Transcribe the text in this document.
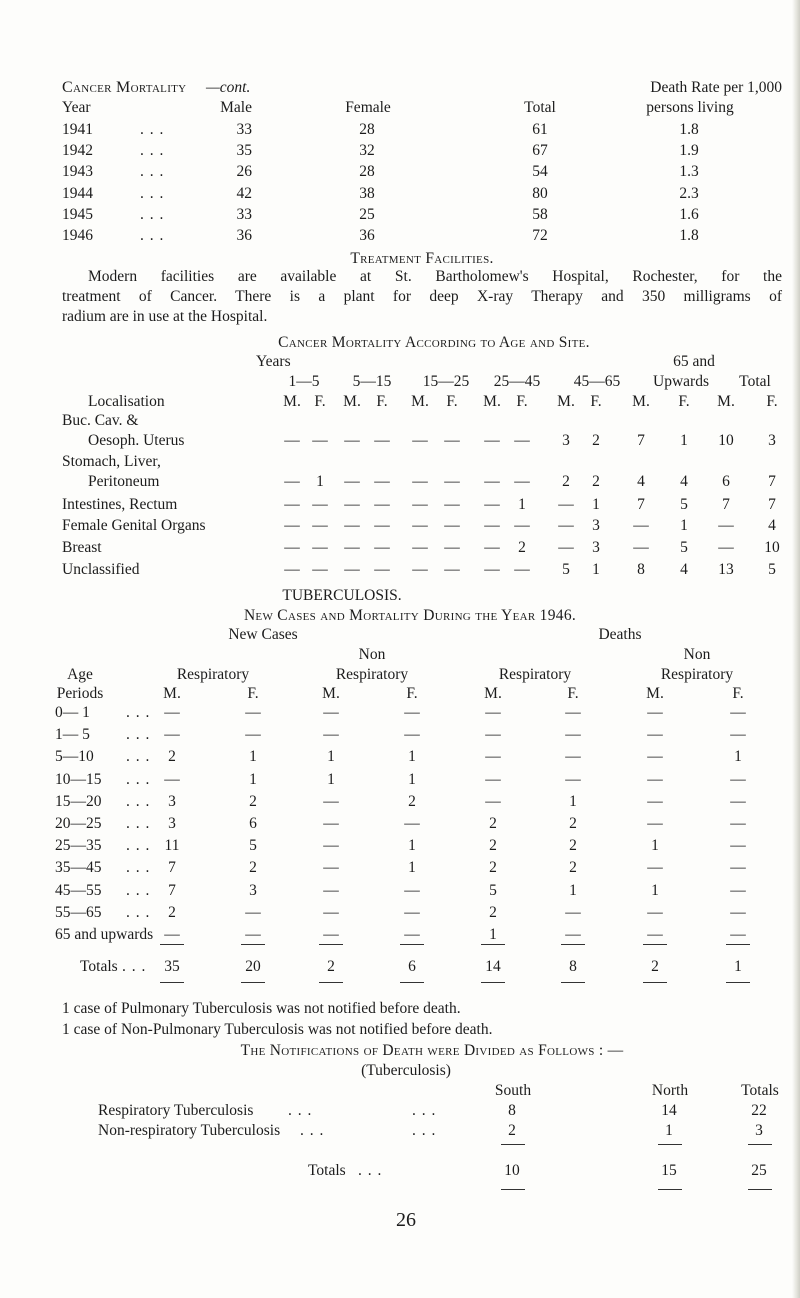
Cancer Mortality —cont.	Death Rate per 1,000
Year	Male	Female	Total	persons living
1941	. . .	33	28	61	1.8
1942	. . .	35	32	67	1.9
1943	. . .	26	28	54	1.3
1944	. . .	42	38	80	2.3
1945	. . .	33	25	58	1.6
1946	. . .	36	36	72	1.8
Treatment Facilities.
Modern facilities are available at St. Bartholomew's Hospital, Rochester, for the
treatment of Cancer. There is a plant for deep X-ray Therapy and 350 milligrams of
radium are in use at the Hospital.
Cancer Mortality According to Age and Site.
Years	65 and
1—5 5—15 15—25 25—45 45—65 Upwards Total
Localisation	M. F. M. F. M. F. M. F. M. F. M. F. M. F.
Buc. Cav. &
Oesoph. Uterus	— — — — — — — — 3 2 7 1 10 3
Stomach, Liver,
Peritoneum	— 1 — — — — — — 2 2 4 4 6 7
Intestines, Rectum	— — — — — — — 1 — 1 7 5 7 7
Female Genital Organs	— — — — — — — — — 3 — 1 — 4
Breast	— — — — — — — 2 — 3 — 5 — 10
Unclassified	— — — — — — — — 5 1 8 4 13 5
TUBERCULOSIS.
New Cases and Mortality During the Year 1946.
New Cases	Deaths
Non	Non
Age	Respiratory	Respiratory	Respiratory	Respiratory
Periods	M.	F.	M.	F.	M.	F.	M.	F.
0— 1 . . . —	—	—	—	—	—	—	—
1— 5 . . . —	—	—	—	—	—	—	—
5—10 . . . 2	1	1	1	—	—	—	1
10—15 . . . —	1	1	1	—	—	—	—
15—20 . . . 3	2	—	2	—	1	—	—
20—25 . . . 3	6	—	—	2	2	—	—
25—35 . . . 11	5	—	1	2	2	1	—
35—45 . . . 7	2	—	1	2	2	—	—
45—55 . . . 7	3	—	—	5	1	1	—
55—65 . . . 2	—	—	—	2	—	—	—
65 and upwards —	—	—	—	1	—	—	—
Totals . . . 35	20	2	6	14	8	2	1
1 case of Pulmonary Tuberculosis was not notified before death.
1 case of Non-Pulmonary Tuberculosis was not notified before death.
The Notifications of Death were Divided as Follows : —
(Tuberculosis)
South	North	Totals
Respiratory Tuberculosis . . .	. . .	8	14	22
Non-respiratory Tuberculosis . . .	. . .	2	1	3
Totals . . .	10	15	25
26
